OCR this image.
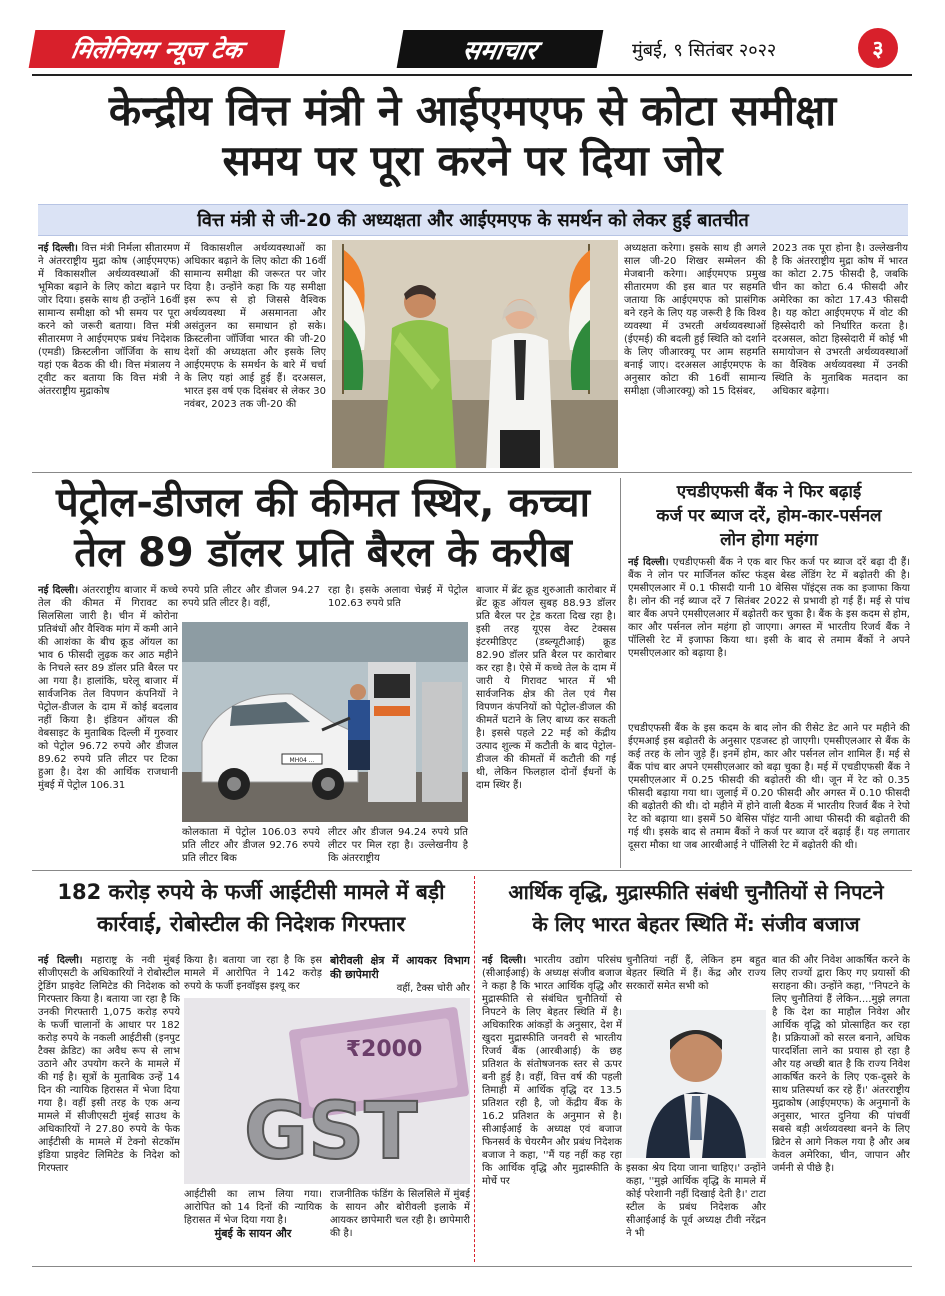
मिलेनियम न्यूज टेक	समाचार	मुंबई, ९ सितंबर २०२२	३
केन्द्रीय वित्त मंत्री ने आईएमएफ से कोटा समीक्षा
समय पर पूरा करने पर दिया जोर
वित्त मंत्री से जी-20 की अध्यक्षता और आईएमएफ के समर्थन को लेकर हुई बातचीत
नई दिल्ली। वित्त मंत्री निर्मला सीतारमण ने अंतरराष्ट्रीय मुद्रा कोष (आईएमएफ) में विकासशील अर्थव्यवस्थाओं की भूमिका बढ़ाने के लिए कोटा बढ़ाने पर जोर दिया। इसके साथ ही उन्होंने 16वीं सामान्य समीक्षा को भी समय पर पूरा करने को जरूरी बताया। वित्त मंत्री सीतारमण ने आईएमएफ प्रबंध निदेशक (एमडी) क्रिस्टलीना जॉर्जिवा के साथ यहां एक बैठक की थी। वित्त मंत्रालय ने ट्वीट कर बताया कि वित्त मंत्री ने अंतरराष्ट्रीय मुद्राकोष
में विकासशील अर्थव्यवस्थाओं का अधिकार बढ़ाने के लिए कोटा की 16वीं सामान्य समीक्षा की जरूरत पर जोर दिया है। उन्होंने कहा कि यह समीक्षा इस रूप से हो जिससे वैश्विक अर्थव्यवस्था में असमानता और असंतुलन का समाधान हो सके। क्रिस्टलीना जॉर्जिवा भारत की जी-20 देशों की अध्यक्षता और इसके लिए आईएमएफ के समर्थन के बारे में चर्चा के लिए यहां आई हुई हैं। दरअसल, भारत इस वर्ष एक दिसंबर से लेकर 30 नवंबर, 2023 तक जी-20 की
अध्यक्षता करेगा। इसके साथ ही अगले साल जी-20 शिखर सम्मेलन की मेजबानी करेगा। आईएमएफ प्रमुख सीतारमण की इस बात पर सहमति जताया कि आईएमएफ को प्रासंगिक बने रहने के लिए यह जरूरी है कि विश्व व्यवस्था में उभरती अर्थव्यवस्थाओं (ईएमई) की बदली हुई स्थिति को दर्शाने के लिए जीआरक्यू पर आम सहमति बनाई जाए। दरअसल आईएमएफ के अनुसार कोटा की 16वीं सामान्य समीक्षा (जीआरक्यू) को 15 दिसंबर,
2023 तक पूरा होना है। उल्लेखनीय है कि अंतरराष्ट्रीय मुद्रा कोष में भारत का कोटा 2.75 फीसदी है, जबकि चीन का कोटा 6.4 फीसदी और अमेरिका का कोटा 17.43 फीसदी है। यह कोटा आईएमएफ में वोट की हिस्सेदारी को निर्धारित करता है। दरअसल, कोटा हिस्सेदारी में कोई भी समायोजन से उभरती अर्थव्यवस्थाओं का वैश्विक अर्थव्यवस्था में उनकी स्थिति के मुताबिक मतदान का अधिकार बढ़ेगा।
पेट्रोल-डीजल की कीमत स्थिर, कच्चा
तेल 89 डॉलर प्रति बैरल के करीब
नई दिल्ली। अंतरराष्ट्रीय बाजार में कच्चे तेल की कीमत में गिरावट का सिलसिला जारी है। चीन में कोरोना प्रतिबंधों और वैश्विक मांग में कमी आने की आशंका के बीच क्रूड ऑयल का भाव 6 फीसदी लुढ़क कर आठ महीने के निचले स्तर 89 डॉलर प्रति बैरल पर आ गया है। हालांकि, घरेलू बाजार में सार्वजनिक तेल विपणन कंपनियों ने पेट्रोल-डीजल के दाम में कोई बदलाव नहीं किया है। इंडियन ऑयल की वेबसाइट के मुताबिक दिल्ली में गुरुवार को पेट्रोल 96.72 रुपये और डीजल 89.62 रुपये प्रति लीटर पर टिका हुआ है। देश की आर्थिक राजधानी मुंबई में पेट्रोल 106.31
रुपये प्रति लीटर और डीजल 94.27 रुपये प्रति लीटर है। वहीं,
रहा है। इसके अलावा चेन्नई में पेट्रोल 102.63 रुपये प्रति
MH04 ...
कोलकाता में पेट्रोल 106.03 रुपये प्रति लीटर और डीजल 92.76 रुपये प्रति लीटर बिक
लीटर और डीजल 94.24 रुपये प्रति लीटर पर मिल रहा है। उल्लेखनीय है कि अंतरराष्ट्रीय
बाजार में ब्रेंट क्रूड शुरुआती कारोबार में ब्रेंट क्रूड ऑयल सुबह 88.93 डॉलर प्रति बैरल पर ट्रेड करता दिख रहा है। इसी तरह यूएस वेस्ट टेक्सस इंटरमीडिएट (डब्ल्यूटीआई) क्रूड 82.90 डॉलर प्रति बैरल पर कारोबार कर रहा है। ऐसे में कच्चे तेल के दाम में जारी ये गिरावट भारत में भी सार्वजनिक क्षेत्र की तेल एवं गैस विपणन कंपनियों को पेट्रोल-डीजल की कीमतें घटाने के लिए बाध्य कर सकती है। इससे पहले 22 मई को केंद्रीय उत्पाद शुल्क में कटौती के बाद पेट्रोल-डीजल की कीमतों में कटौती की गई थी, लेकिन फिलहाल दोनों ईंधनों के दाम स्थिर हैं।
एचडीएफसी बैंक ने फिर बढ़ाई
कर्ज पर ब्याज दरें, होम-कार-पर्सनल
लोन होगा महंगा
नई दिल्ली। एचडीएफसी बैंक ने एक बार फिर कर्ज पर ब्याज दरें बढ़ा दी हैं। बैंक ने लोन पर मार्जिनल कॉस्ट फंड्स बेस्ड लेंडिंग रेट में बढ़ोतरी की है। एमसीएलआर में 0.1 फीसदी यानी 10 बेसिस पॉइंट्स तक का इजाफा किया है। लोन की नई ब्याज दरें 7 सितंबर 2022 से प्रभावी हो गई हैं। मई से पांच बार बैंक अपने एमसीएलआर में बढ़ोतरी कर चुका है। बैंक के इस कदम से होम, कार और पर्सनल लोन महंगा हो जाएगा। अगस्त में भारतीय रिजर्व बैंक ने पॉलिसी रेट में इजाफा किया था। इसी के बाद से तमाम बैंकों ने अपने एमसीएलआर को बढ़ाया है।
एचडीएफसी बैंक के इस कदम के बाद लोन की रीसेट डेट आने पर महीने की ईएमआई इस बढ़ोतरी के अनुसार एडजस्ट हो जाएगी। एमसीएलआर से बैंक के कई तरह के लोन जुड़े हैं। इनमें होम, कार और पर्सनल लोन शामिल हैं। मई से बैंक पांच बार अपने एमसीएलआर को बढ़ा चुका है। मई में एचडीएफसी बैंक ने एमसीएलआर में 0.25 फीसदी की बढ़ोतरी की थी। जून में रेट को 0.35 फीसदी बढ़ाया गया था। जुलाई में 0.20 फीसदी और अगस्त में 0.10 फीसदी की बढ़ोतरी की थी। दो महीने में होने वाली बैठक में भारतीय रिजर्व बैंक ने रेपो रेट को बढ़ाया था। इसमें 50 बेसिस पॉइंट यानी आधा फीसदी की बढ़ोतरी की गई थी। इसके बाद से तमाम बैंकों ने कर्ज पर ब्याज दरें बढ़ाई हैं। यह लगातार दूसरा मौका था जब आरबीआई ने पॉलिसी रेट में बढ़ोतरी की थी।
182 करोड़ रुपये के फर्जी आईटीसी मामले में बड़ी
कार्रवाई, रोबोस्टील की निदेशक गिरफ्तार
नई दिल्ली। महाराष्ट्र के नवी मुंबई सीजीएसटी के अधिकारियों ने रोबोस्टील ट्रेडिंग प्राइवेट लिमिटेड की निदेशक को गिरफ्तार किया है। बताया जा रहा है कि उनकी गिरफ्तारी 1,075 करोड़ रुपये के फर्जी चालानों के आधार पर 182 करोड़ रुपये के नकली आईटीसी (इनपुट टैक्स क्रेडिट) का अवैध रूप से लाभ उठाने और उपयोग करने के मामले में की गई है। सूत्रों के मुताबिक उन्हें 14 दिन की न्यायिक हिरासत में भेजा दिया गया है। वहीं इसी तरह के एक अन्य मामले में सीजीएसटी मुंबई साउथ के अधिकारियों ने 27.80 रुपये के फेक आईटीसी के मामले में टेक्नो सेटकॉम इंडिया प्राइवेट लिमिटेड के निदेश को गिरफ्तार
किया है। बताया जा रहा है कि इस मामले में आरोपित ने 142 करोड़ रुपये के फर्जी इनवॉइस इश्यू कर
बोरीवली क्षेत्र में आयकर विभाग की छापेमारी
वहीं, टैक्स चोरी और
₹2000
GST
आईटीसी का लाभ लिया गया। आरोपित को 14 दिनों की न्यायिक हिरासत में भेज दिया गया है।
मुंबई के सायन और
राजनीतिक फंडिंग के सिलसिले में मुंबई के सायन और बोरीवली इलाके में आयकर छापेमारी चल रही है। छापेमारी की है।
आर्थिक वृद्धि, मुद्रास्फीति संबंधी चुनौतियों से निपटने
के लिए भारत बेहतर स्थिति में: संजीव बजाज
नई दिल्ली। भारतीय उद्योग परिसंघ (सीआईआई) के अध्यक्ष संजीव बजाज ने कहा है कि भारत आर्थिक वृद्धि और मुद्रास्फीति से संबंधित चुनौतियों से निपटने के लिए बेहतर स्थिति में है। अधिकारिक आंकड़ों के अनुसार, देश में खुदरा मुद्रास्फीति जनवरी से भारतीय रिजर्व बैंक (आरबीआई) के छह प्रतिशत के संतोषजनक स्तर से ऊपर बनी हुई है। वहीं, वित्त वर्ष की पहली तिमाही में आर्थिक वृद्धि दर 13.5 प्रतिशत रही है, जो केंद्रीय बैंक के 16.2 प्रतिशत के अनुमान से है। सीआईआई के अध्यक्ष एवं बजाज फिनसर्व के चेयरमैन और प्रबंध निदेशक बजाज ने कहा, ''मैं यह नहीं कह रहा कि आर्थिक वृद्धि और मुद्रास्फीति के मोर्चे पर
चुनौतियां नहीं हैं, लेकिन हम बहुत बेहतर स्थिति में हैं। केंद्र और राज्य सरकारों समेत सभी को
इसका श्रेय दिया जाना चाहिए।' उन्होंने कहा, ''मुझे आर्थिक वृद्धि के मामले में कोई परेशानी नहीं दिखाई देती है।' टाटा स्टील के प्रबंध निदेशक और सीआईआई के पूर्व अध्यक्ष टीवी नरेंद्रन ने भी
बात की और निवेश आकर्षित करने के लिए राज्यों द्वारा किए गए प्रयासों की सराहना की। उन्होंने कहा, ''निपटने के लिए चुनौतियां हैं लेकिन....मुझे लगता है कि देश का माहौल निवेश और आर्थिक वृद्धि को प्रोत्साहित कर रहा है। प्रक्रियाओं को सरल बनाने, अधिक पारदर्शिता लाने का प्रयास हो रहा है और यह अच्छी बात है कि राज्य निवेश आकर्षित करने के लिए एक-दूसरे के साथ प्रतिस्पर्धा कर रहे हैं।' अंतरराष्ट्रीय मुद्राकोष (आईएमएफ) के अनुमानों के अनुसार, भारत दुनिया की पांचवीं सबसे बड़ी अर्थव्यवस्था बनने के लिए ब्रिटेन से आगे निकल गया है और अब केवल अमेरिका, चीन, जापान और जर्मनी से पीछे है।
